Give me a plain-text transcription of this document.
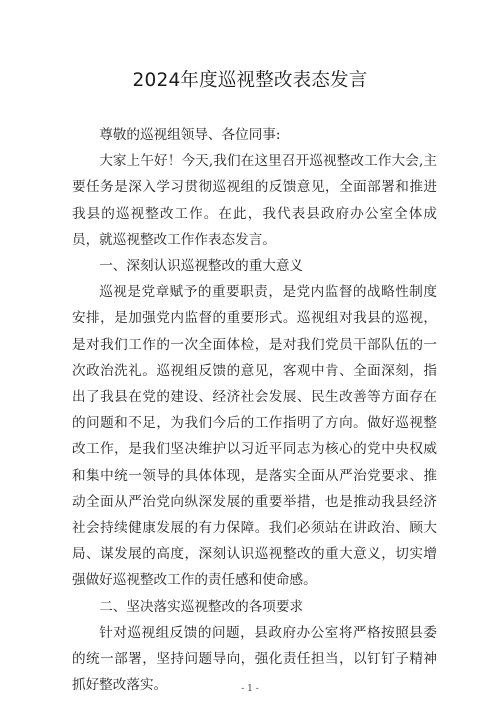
2024年度巡视整改表态发言

尊敬的巡视组领导、各位同事:

大家上午好！今天,我们在这里召开巡视整改工作大会,主要任务是深入学习贯彻巡视组的反馈意见，全面部署和推进我县的巡视整改工作。在此，我代表县政府办公室全体成员，就巡视整改工作作表态发言。

一、深刻认识巡视整改的重大意义

巡视是党章赋予的重要职责，是党内监督的战略性制度安排，是加强党内监督的重要形式。巡视组对我县的巡视，是对我们工作的一次全面体检，是对我们党员干部队伍的一次政治洗礼。巡视组反馈的意见，客观中肯、全面深刻，指出了我县在党的建设、经济社会发展、民生改善等方面存在的问题和不足，为我们今后的工作指明了方向。做好巡视整改工作，是我们坚决维护以习近平同志为核心的党中央权威和集中统一领导的具体体现，是落实全面从严治党要求、推动全面从严治党向纵深发展的重要举措，也是推动我县经济社会持续健康发展的有力保障。我们必须站在讲政治、顾大局、谋发展的高度，深刻认识巡视整改的重大意义，切实增强做好巡视整改工作的责任感和使命感。

二、坚决落实巡视整改的各项要求

针对巡视组反馈的问题，县政府办公室将严格按照县委的统一部署，坚持问题导向，强化责任担当，以钉钉子精神抓好整改落实。	- 1 -
